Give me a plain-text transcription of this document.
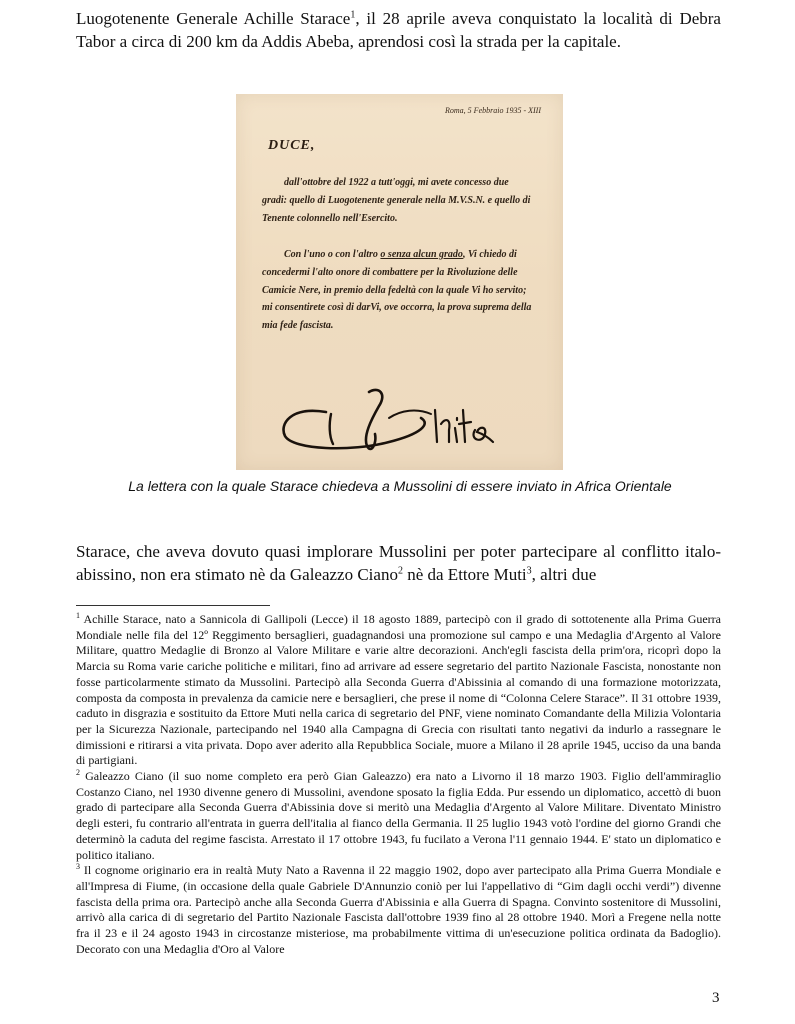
Luogotenente Generale Achille Starace$^1$, il 28 aprile aveva conquistato la località di Debra Tabor a circa di 200 km da Addis Abeba, aprendosi così la strada per la capitale.
Roma, 5 Febbraio 1935 - XIII
DUCE,
dall'ottobre del 1922 a tutt'oggi, mi avete concesso due gradi: quello di Luogotenente generale nella M.V.S.N. e quello di Tenente colonnello nell'Esercito.
Con l'uno o con l'altro o senza alcun grado, Vi chiedo di concedermi l'alto onore di combattere per la Rivoluzione delle Camicie Nere, in premio della fedeltà con la quale Vi ho servito; mi consentirete così di darVi, ove occorra, la prova suprema della mia fede fascista.
La lettera con la quale Starace chiedeva a Mussolini di essere inviato in Africa Orientale
Starace, che aveva dovuto quasi implorare Mussolini per poter partecipare al conflitto italo-abissino, non era stimato nè da Galeazzo Ciano$^2$ nè da Ettore Muti$^3$, altri due

$^1$ Achille Starace, nato a Sannicola di Gallipoli (Lecce) il 18 agosto 1889, partecipò con il grado di sottotenente alla Prima Guerra Mondiale nelle fila del 12º Reggimento bersaglieri, guadagnandosi una promozione sul campo e una Medaglia d'Argento al Valore Militare, quattro Medaglie di Bronzo al Valore Militare e varie altre decorazioni. Anch'egli fascista della prim'ora, ricoprì dopo la Marcia su Roma varie cariche politiche e militari, fino ad arrivare ad essere segretario del partito Nazionale Fascista, nonostante non fosse particolarmente stimato da Mussolini. Partecipò alla Seconda Guerra d'Abissinia al comando di una formazione motorizzata, composta da composta in prevalenza da camicie nere e bersaglieri, che prese il nome di “Colonna Celere Starace”. Il 31 ottobre 1939, caduto in disgrazia e sostituito da Ettore Muti nella carica di segretario del PNF, viene nominato Comandante della Milizia Volontaria per la Sicurezza Nazionale, partecipando nel 1940 alla Campagna di Grecia con risultati tanto negativi da indurlo a rassegnare le dimissioni e ritirarsi a vita privata. Dopo aver aderito alla Repubblica Sociale, muore a Milano il 28 aprile 1945, ucciso da una banda di partigiani.

$^2$ Galeazzo Ciano (il suo nome completo era però Gian Galeazzo) era nato a Livorno il 18 marzo 1903. Figlio dell'ammiraglio Costanzo Ciano, nel 1930 divenne genero di Mussolini, avendone sposato la figlia Edda. Pur essendo un diplomatico, accettò di buon grado di partecipare alla Seconda Guerra d'Abissinia dove si meritò una Medaglia d'Argento al Valore Militare. Diventato Ministro degli esteri, fu contrario all'entrata in guerra dell'italia al fianco della Germania. Il 25 luglio 1943 votò l'ordine del giorno Grandi che determinò la caduta del regime fascista. Arrestato il 17 ottobre 1943, fu fucilato a Verona l'11 gennaio 1944. E' stato un diplomatico e politico italiano.

$^3$ Il cognome originario era in realtà Muty Nato a Ravenna il 22 maggio 1902, dopo aver partecipato alla Prima Guerra Mondiale e all'Impresa di Fiume, (in occasione della quale Gabriele D'Annunzio coniò per lui l'appellativo di “Gim dagli occhi verdi”) divenne fascista della prima ora. Partecipò anche alla Seconda Guerra d'Abissinia e alla Guerra di Spagna. Convinto sostenitore di Mussolini, arrivò alla carica di di segretario del Partito Nazionale Fascista dall'ottobre 1939 fino al 28 ottobre 1940. Morì a Fregene nella notte fra il 23 e il 24 agosto 1943 in circostanze misteriose, ma probabilmente vittima di un'esecuzione politica ordinata da Badoglio). Decorato con una Medaglia d'Oro al Valore

3
